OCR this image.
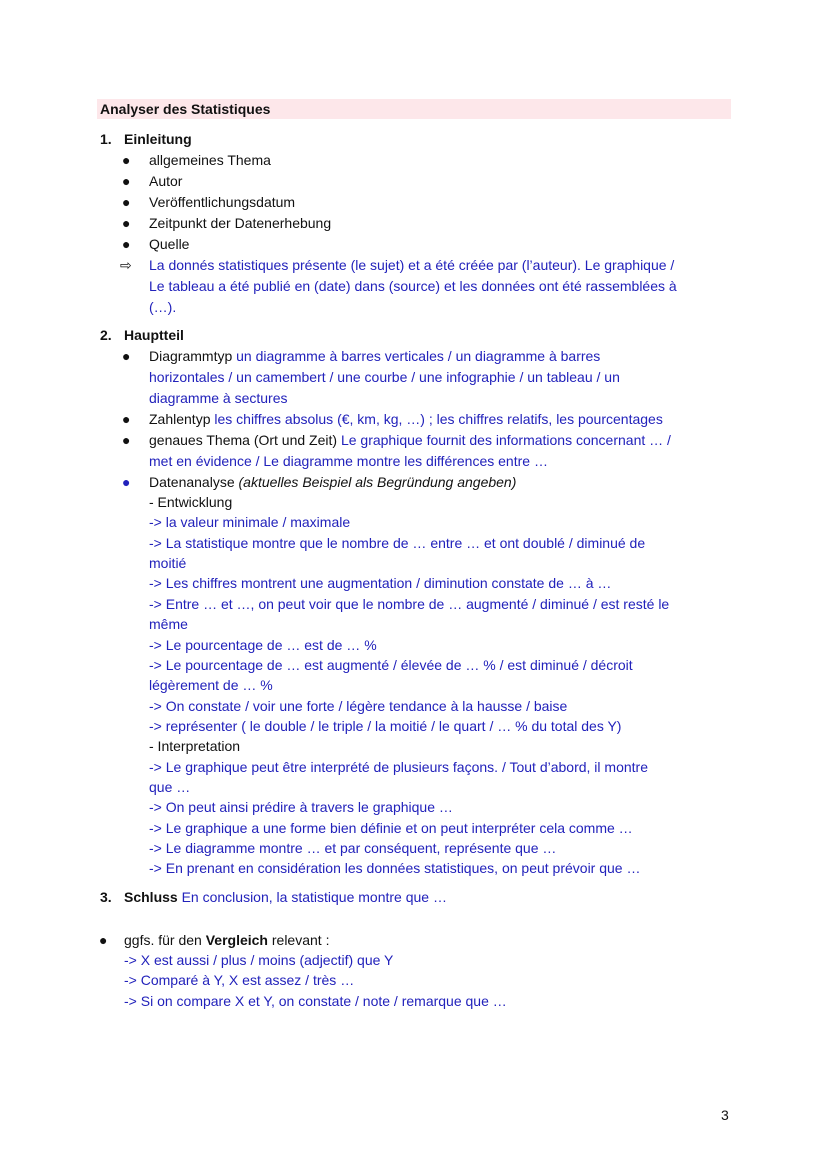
Analyser des Statistiques
1. Einleitung
● allgemeines Thema
● Autor
● Veröffentlichungsdatum
● Zeitpunkt der Datenerhebung
● Quelle
⇨ La donnés statistiques présente (le sujet) et a été créée par (l’auteur). Le graphique /
Le tableau a été publié en (date) dans (source) et les données ont été rassemblées à
(…).
2. Hauptteil
● Diagrammtyp un diagramme à barres verticales / un diagramme à barres
horizontales / un camembert / une courbe / une infographie / un tableau / un
diagramme à sectures
● Zahlentyp les chiffres absolus (€, km, kg, …) ; les chiffres relatifs, les pourcentages
● genaues Thema (Ort und Zeit) Le graphique fournit des informations concernant … /
met en évidence / Le diagramme montre les différences entre …
● Datenanalyse (aktuelles Beispiel als Begründung angeben)
- Entwicklung
-> la valeur minimale / maximale
-> La statistique montre que le nombre de … entre … et ont doublé / diminué de
moitié
-> Les chiffres montrent une augmentation / diminution constate de … à …
-> Entre … et …, on peut voir que le nombre de … augmenté / diminué / est resté le
même
-> Le pourcentage de … est de … %
-> Le pourcentage de … est augmenté / élevée de … % / est diminué / décroit
légèrement de … %
-> On constate / voir une forte / légère tendance à la hausse / baise
-> représenter ( le double / le triple / la moitié / le quart / … % du total des Y)
- Interpretation
-> Le graphique peut être interprété de plusieurs façons. / Tout d’abord, il montre
que …
-> On peut ainsi prédire à travers le graphique …
-> Le graphique a une forme bien définie et on peut interpréter cela comme …
-> Le diagramme montre … et par conséquent, représente que …
-> En prenant en considération les données statistiques, on peut prévoir que …
3. Schluss En conclusion, la statistique montre que …
● ggfs. für den Vergleich relevant :
-> X est aussi / plus / moins (adjectif) que Y
-> Comparé à Y, X est assez / très …
-> Si on compare X et Y, on constate / note / remarque que …
3
